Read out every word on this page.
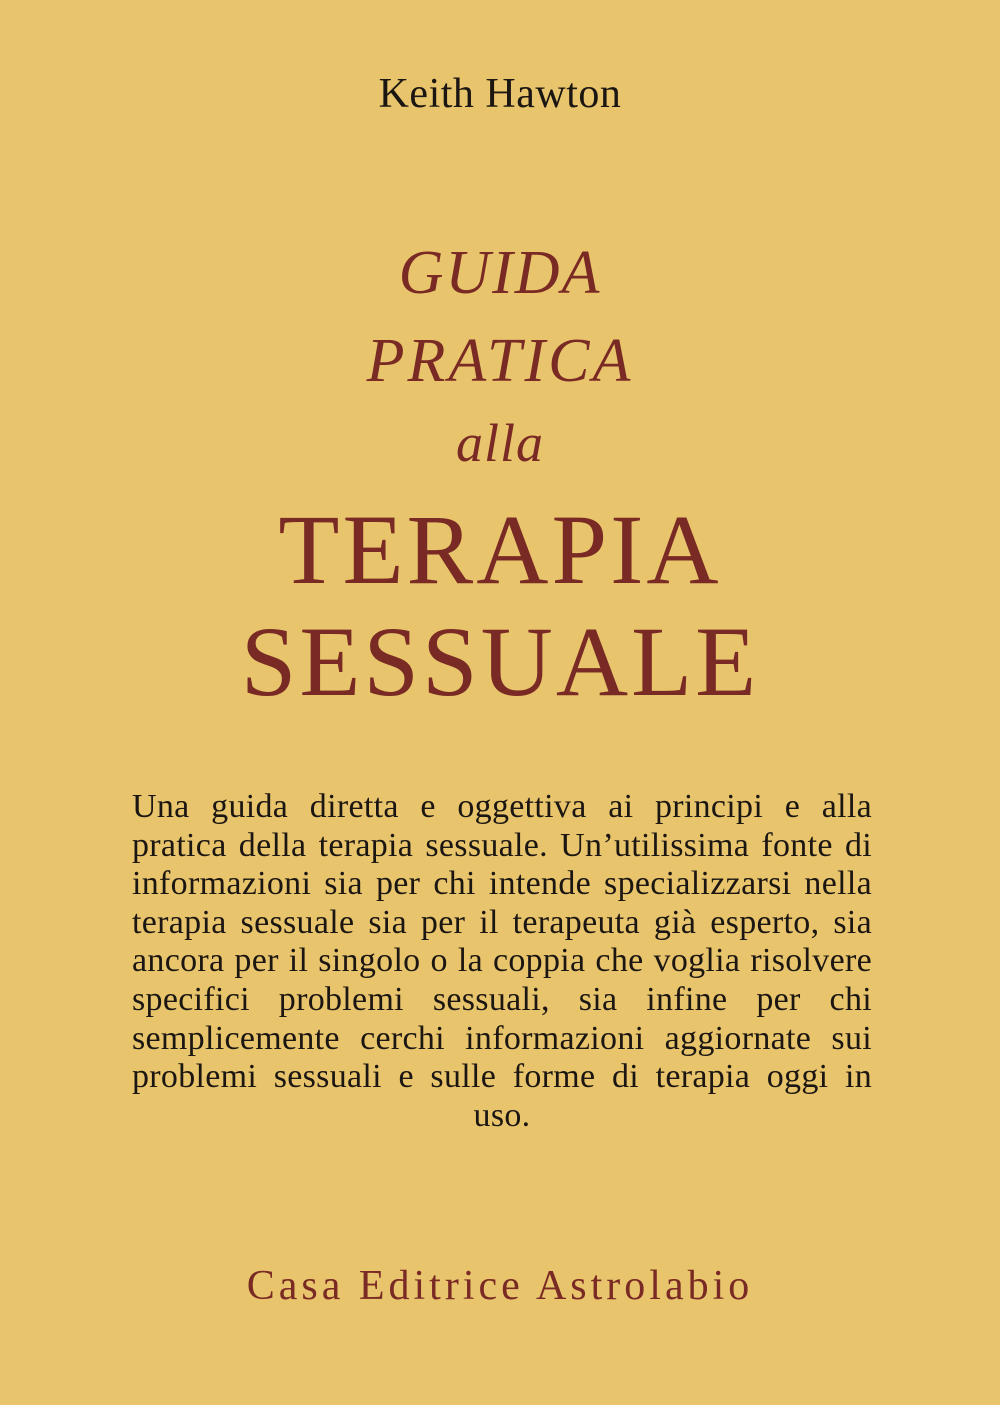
Keith Hawton
GUIDA
PRATICA
alla
TERAPIA
SESSUALE
Una guida diretta e oggettiva ai principi e alla pratica della terapia sessuale. Un’utilissima fonte di informazioni sia per chi intende specializzarsi nella terapia sessuale sia per il terapeuta già esperto, sia ancora per il singolo o la coppia che voglia risolvere specifici problemi sessuali, sia infine per chi semplicemente cerchi informazioni aggiornate sui problemi sessuali e sulle forme di terapia oggi in uso.
Casa Editrice Astrolabio
